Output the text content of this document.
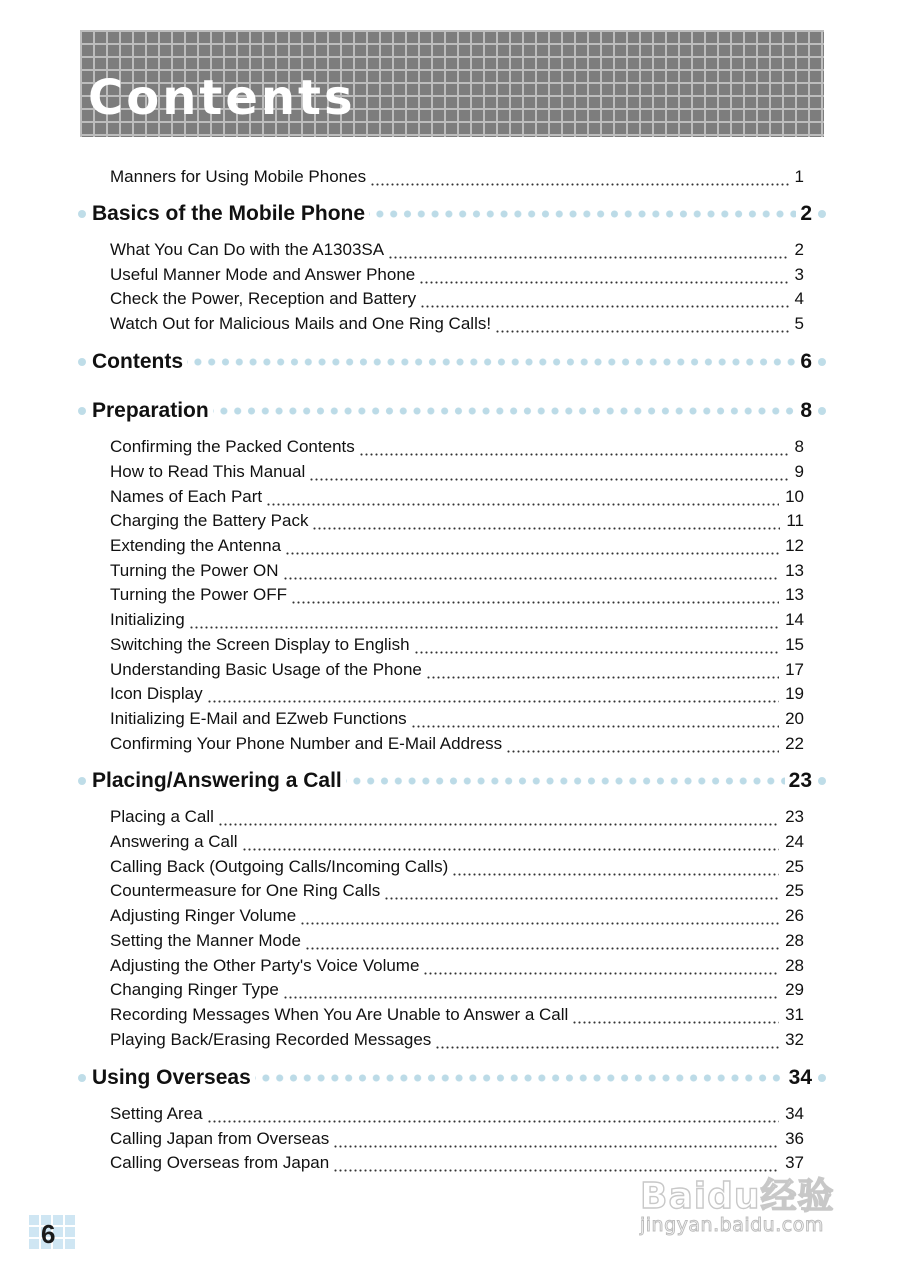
Contents
Manners for Using Mobile Phones	1
Basics of the Mobile Phone	2
What You Can Do with the A1303SA	2
Useful Manner Mode and Answer Phone	3
Check the Power, Reception and Battery	4
Watch Out for Malicious Mails and One Ring Calls!	5
Contents	6
Preparation	8
Confirming the Packed Contents	8
How to Read This Manual	9
Names of Each Part	10
Charging the Battery Pack	11
Extending the Antenna	12
Turning the Power ON	13
Turning the Power OFF	13
Initializing	14
Switching the Screen Display to English	15
Understanding Basic Usage of the Phone	17
Icon Display	19
Initializing E-Mail and EZweb Functions	20
Confirming Your Phone Number and E-Mail Address	22
Placing/Answering a Call	23
Placing a Call	23
Answering a Call	24
Calling Back (Outgoing Calls/Incoming Calls)	25
Countermeasure for One Ring Calls	25
Adjusting Ringer Volume	26
Setting the Manner Mode	28
Adjusting the Other Party's Voice Volume	28
Changing Ringer Type	29
Recording Messages When You Are Unable to Answer a Call	31
Playing Back/Erasing Recorded Messages	32
Using Overseas	34
Setting Area	34
Calling Japan from Overseas	36
Calling Overseas from Japan	37
6
Baidu经验
jingyan.baidu.com
